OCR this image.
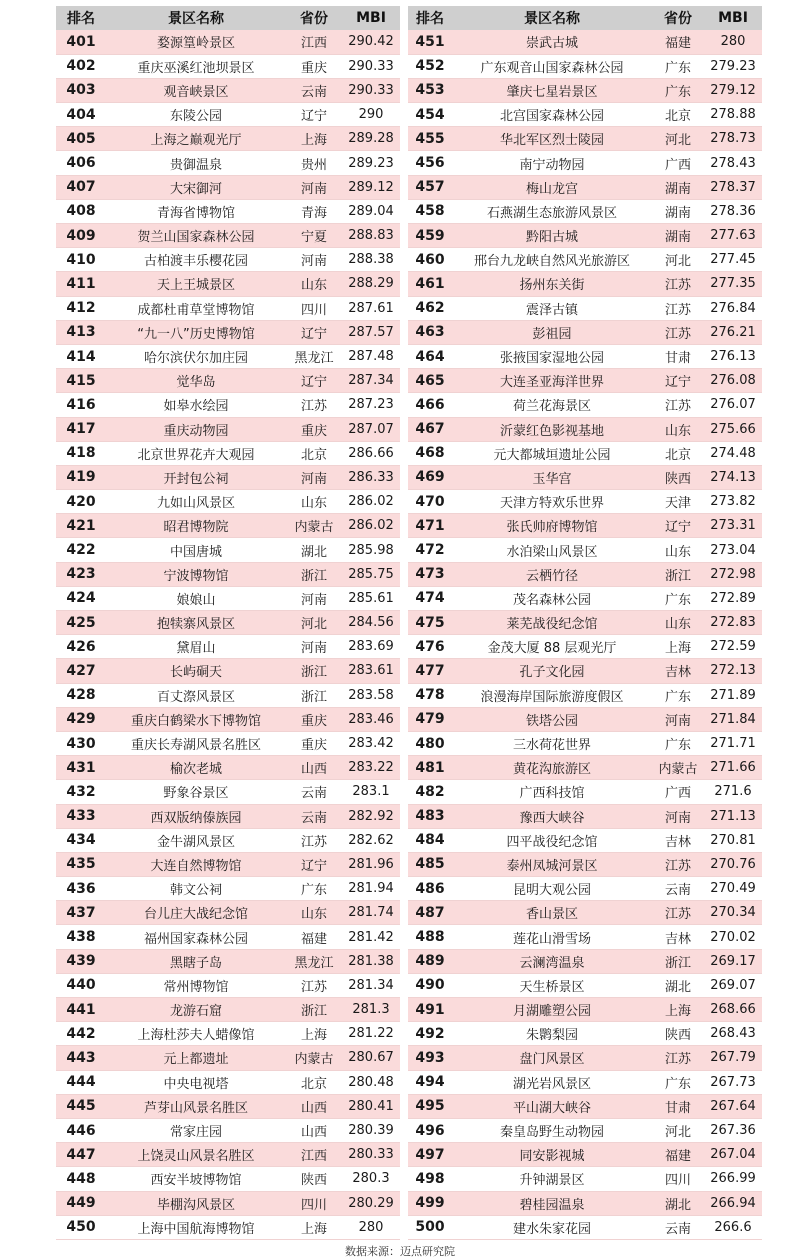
排名	景区名称	省份	MBI		排名	景区名称	省份	MBI
401	婺源篁岭景区	江西	290.42		451	崇武古城	福建	280
402	重庆巫溪红池坝景区	重庆	290.33		452	广东观音山国家森林公园	广东	279.23
403	观音峡景区	云南	290.33		453	肇庆七星岩景区	广东	279.12
404	东陵公园	辽宁	290		454	北宫国家森林公园	北京	278.88
405	上海之巅观光厅	上海	289.28		455	华北军区烈士陵园	河北	278.73
406	贵御温泉	贵州	289.23		456	南宁动物园	广西	278.43
407	大宋御河	河南	289.12		457	梅山龙宫	湖南	278.37
408	青海省博物馆	青海	289.04		458	石燕湖生态旅游风景区	湖南	278.36
409	贺兰山国家森林公园	宁夏	288.83		459	黔阳古城	湖南	277.63
410	古柏渡丰乐樱花园	河南	288.38		460	邢台九龙峡自然风光旅游区	河北	277.45
411	天上王城景区	山东	288.29		461	扬州东关街	江苏	277.35
412	成都杜甫草堂博物馆	四川	287.61		462	震泽古镇	江苏	276.84
413	“九一八”历史博物馆	辽宁	287.57		463	彭祖园	江苏	276.21
414	哈尔滨伏尔加庄园	黑龙江	287.48		464	张掖国家湿地公园	甘肃	276.13
415	觉华岛	辽宁	287.34		465	大连圣亚海洋世界	辽宁	276.08
416	如皋水绘园	江苏	287.23		466	荷兰花海景区	江苏	276.07
417	重庆动物园	重庆	287.07		467	沂蒙红色影视基地	山东	275.66
418	北京世界花卉大观园	北京	286.66		468	元大都城垣遗址公园	北京	274.48
419	开封包公祠	河南	286.33		469	玉华宫	陕西	274.13
420	九如山风景区	山东	286.02		470	天津方特欢乐世界	天津	273.82
421	昭君博物院	内蒙古	286.02		471	张氏帅府博物馆	辽宁	273.31
422	中国唐城	湖北	285.98		472	水泊梁山风景区	山东	273.04
423	宁波博物馆	浙江	285.75		473	云栖竹径	浙江	272.98
424	娘娘山	河南	285.61		474	茂名森林公园	广东	272.89
425	抱犊寨风景区	河北	284.56		475	莱芜战役纪念馆	山东	272.83
426	黛眉山	河南	283.69		476	金茂大厦 88 层观光厅	上海	272.59
427	长屿硐天	浙江	283.61		477	孔子文化园	吉林	272.13
428	百丈漈风景区	浙江	283.58		478	浪漫海岸国际旅游度假区	广东	271.89
429	重庆白鹤梁水下博物馆	重庆	283.46		479	铁塔公园	河南	271.84
430	重庆长寿湖风景名胜区	重庆	283.42		480	三水荷花世界	广东	271.71
431	榆次老城	山西	283.22		481	黄花沟旅游区	内蒙古	271.66
432	野象谷景区	云南	283.1		482	广西科技馆	广西	271.6
433	西双版纳傣族园	云南	282.92		483	豫西大峡谷	河南	271.13
434	金牛湖风景区	江苏	282.62		484	四平战役纪念馆	吉林	270.81
435	大连自然博物馆	辽宁	281.96		485	泰州凤城河景区	江苏	270.76
436	韩文公祠	广东	281.94		486	昆明大观公园	云南	270.49
437	台儿庄大战纪念馆	山东	281.74		487	香山景区	江苏	270.34
438	福州国家森林公园	福建	281.42		488	莲花山滑雪场	吉林	270.02
439	黑瞎子岛	黑龙江	281.38		489	云澜湾温泉	浙江	269.17
440	常州博物馆	江苏	281.34		490	天生桥景区	湖北	269.07
441	龙游石窟	浙江	281.3		491	月湖雕塑公园	上海	268.66
442	上海杜莎夫人蜡像馆	上海	281.22		492	朱鹮梨园	陕西	268.43
443	元上都遗址	内蒙古	280.67		493	盘门风景区	江苏	267.79
444	中央电视塔	北京	280.48		494	湖光岩风景区	广东	267.73
445	芦芽山风景名胜区	山西	280.41		495	平山湖大峡谷	甘肃	267.64
446	常家庄园	山西	280.39		496	秦皇岛野生动物园	河北	267.36
447	上饶灵山风景名胜区	江西	280.33		497	同安影视城	福建	267.04
448	西安半坡博物馆	陕西	280.3		498	升钟湖景区	四川	266.99
449	毕棚沟风景区	四川	280.29		499	碧桂园温泉	湖北	266.94
450	上海中国航海博物馆	上海	280		500	建水朱家花园	云南	266.6
数据来源：迈点研究院
